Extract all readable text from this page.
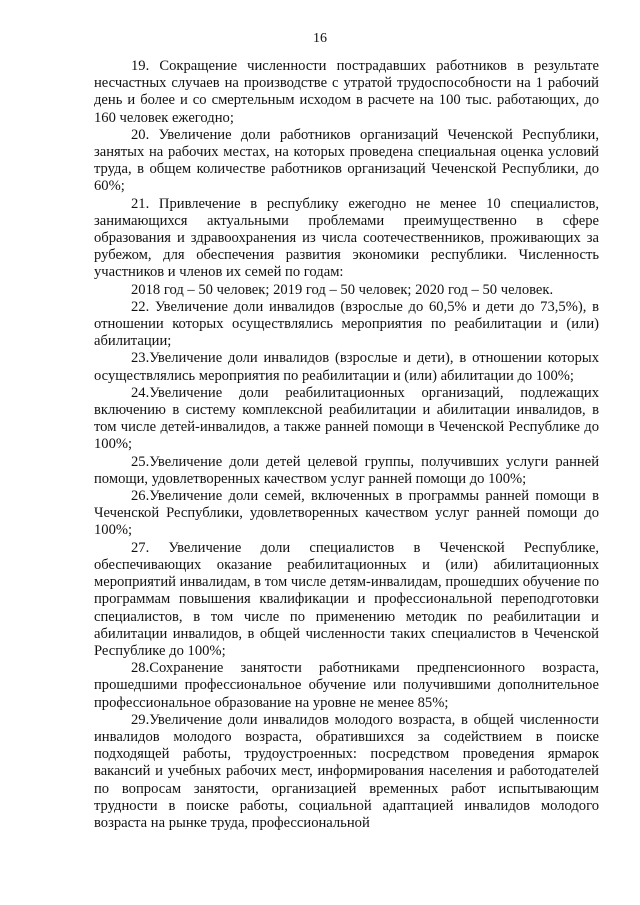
16

19. Сокращение численности пострадавших работников в результате несчастных случаев на производстве с утратой трудоспособности на 1 рабочий день и более и со смертельным исходом в расчете на 100 тыс. работающих, до 160 человек ежегодно;

20. Увеличение доли работников организаций Чеченской Республики, занятых на рабочих местах, на которых проведена специальная оценка условий труда, в общем количестве работников организаций Чеченской Республики, до 60%;

21. Привлечение в республику ежегодно не менее 10 специалистов, занимающихся актуальными проблемами преимущественно в сфере образования и здравоохранения из числа соотечественников, проживающих за рубежом, для обеспечения развития экономики республики. Численность участников и членов их семей по годам:

2018 год – 50 человек; 2019 год – 50 человек; 2020 год – 50 человек.

22. Увеличение доли инвалидов (взрослые до 60,5% и дети до 73,5%), в отношении которых осуществлялись мероприятия по реабилитации и (или) абилитации;

23.Увеличение доли инвалидов (взрослые и дети), в отношении которых осуществлялись мероприятия по реабилитации и (или) абилитации до 100%;

24.Увеличение доли реабилитационных организаций, подлежащих включению в систему комплексной реабилитации и абилитации инвалидов, в том числе детей-инвалидов, а также ранней помощи в Чеченской Республике до 100%;

25.Увеличение доли детей целевой группы, получивших услуги ранней помощи, удовлетворенных качеством услуг ранней помощи до 100%;

26.Увеличение доли семей, включенных в программы ранней помощи в Чеченской Республики, удовлетворенных качеством услуг ранней помощи до 100%;

27. Увеличение доли специалистов в Чеченской Республике, обеспечивающих оказание реабилитационных и (или) абилитационных мероприятий инвалидам, в том числе детям-инвалидам, прошедших обучение по программам повышения квалификации и профессиональной переподготовки специалистов, в том числе по применению методик по реабилитации и абилитации инвалидов, в общей численности таких специалистов в Чеченской Республике до 100%;

28.Сохранение занятости работниками предпенсионного возраста, прошедшими профессиональное обучение или получившими дополнительное профессиональное образование на уровне не менее 85%;

29.Увеличение доли инвалидов молодого возраста, в общей численности инвалидов молодого возраста, обратившихся за содействием в поиске подходящей работы, трудоустроенных: посредством проведения ярмарок вакансий и учебных рабочих мест, информирования населения и работодателей по вопросам занятости, организацией временных работ испытывающим трудности в поиске работы, социальной адаптацией инвалидов молодого возраста на рынке труда, профессиональной
